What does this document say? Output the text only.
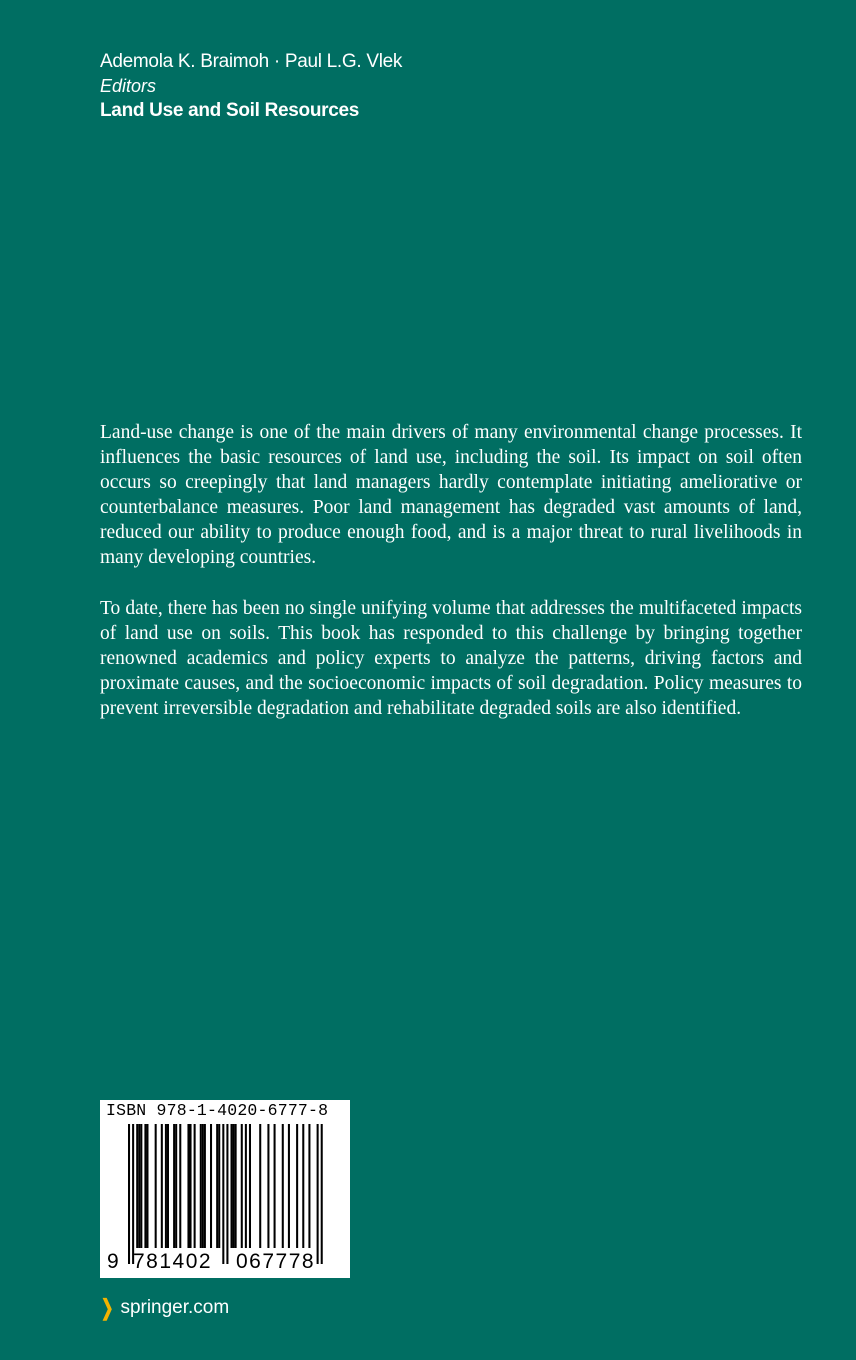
Ademola K. Braimoh · Paul L.G. Vlek
Editors
Land Use and Soil Resources

Land-use change is one of the main drivers of many environmental change processes. It influences the basic resources of land use, including the soil. Its impact on soil often occurs so creepingly that land managers hardly contemplate initiating ameliorative or counterbalance measures. Poor land management has degraded vast amounts of land, reduced our ability to produce enough food, and is a major threat to rural livelihoods in many developing countries.

To date, there has been no single unifying volume that addresses the multifaceted impacts of land use on soils. This book has responded to this challenge by bringing together renowned academics and policy experts to analyze the patterns, driving factors and proximate causes, and the socioeconomic impacts of soil degradation. Policy measures to prevent irreversible degradation and rehabilitate degraded soils are also identified.

ISBN 978-1-4020-6777-8
9 781402 067778
❯ springer.com
